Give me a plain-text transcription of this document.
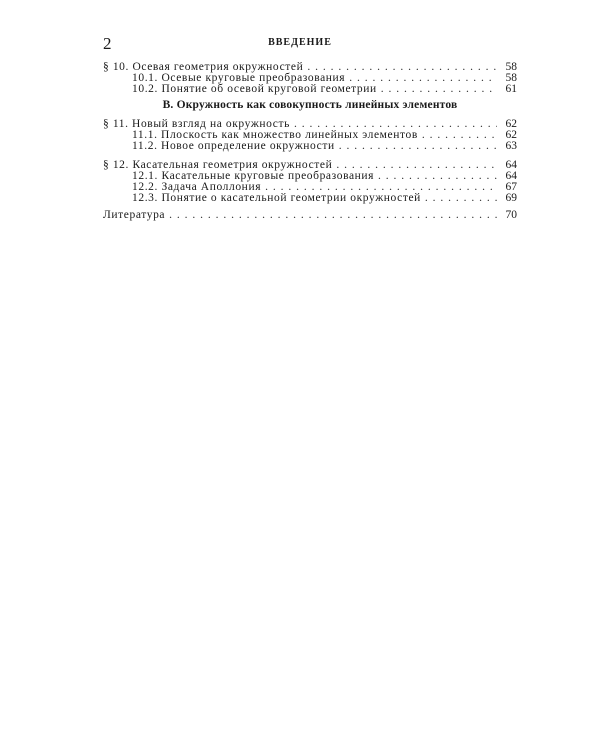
2	ВВЕДЕНИЕ
§ 10. Осевая геометрия окружностей . . .	58
10.1. Осевые круговые преобразования . . .	58
10.2. Понятие об осевой круговой геометрии . . .	61
В. Окружность как совокупность линейных элементов
§ 11. Новый взгляд на окружность . . .	62
11.1. Плоскость как множество линейных элементов . . .	62
11.2. Новое определение окружности . . .	63
§ 12. Касательная геометрия окружностей . . .	64
12.1. Касательные круговые преобразования . . .	64
12.2. Задача Аполлония . . .	67
12.3. Понятие о касательной геометрии окружностей . . .	69
Литература . . .	70
